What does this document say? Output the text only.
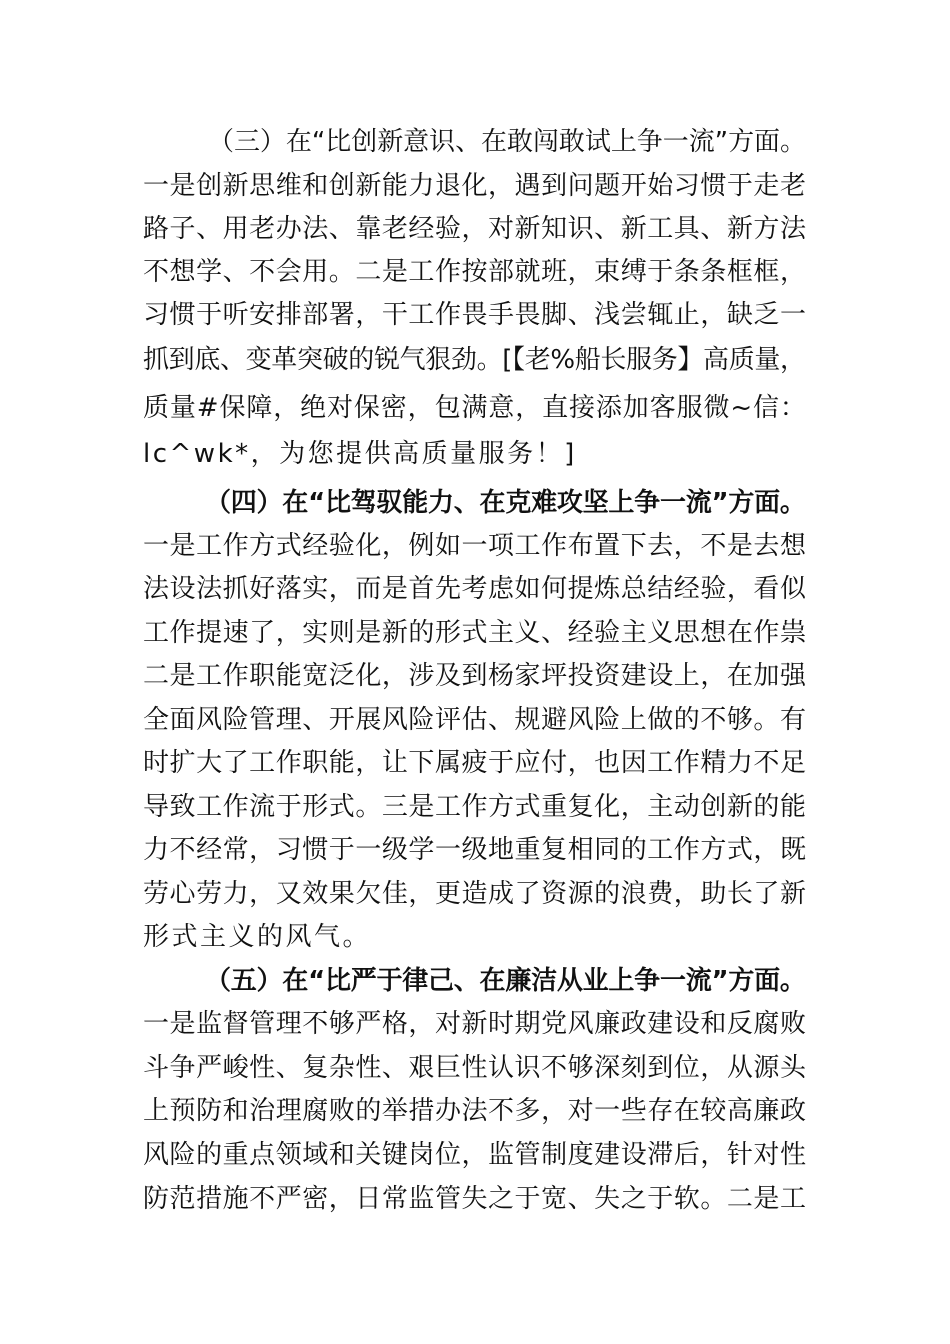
（三）在“比创新意识、在敢闯敢试上争一流”方面。
一是创新思维和创新能力退化，遇到问题开始习惯于走老
路子、用老办法、靠老经验，对新知识、新工具、新方法
不想学、不会用。二是工作按部就班，束缚于条条框框，
习惯于听安排部署，干工作畏手畏脚、浅尝辄止，缺乏一
抓到底、变革突破的锐气狠劲。[【老%船长服务】高质量，
质量#保障，绝对保密，包满意，直接添加客服微~信：
lc^wk*，为您提供高质量服务！]
（四）在“比驾驭能力、在克难攻坚上争一流”方面。
一是工作方式经验化，例如一项工作布置下去，不是去想
法设法抓好落实，而是首先考虑如何提炼总结经验，看似
工作提速了，实则是新的形式主义、经验主义思想在作祟
二是工作职能宽泛化，涉及到杨家坪投资建设上，在加强
全面风险管理、开展风险评估、规避风险上做的不够。有
时扩大了工作职能，让下属疲于应付，也因工作精力不足
导致工作流于形式。三是工作方式重复化，主动创新的能
力不经常，习惯于一级学一级地重复相同的工作方式，既
劳心劳力，又效果欠佳，更造成了资源的浪费，助长了新
形式主义的风气。
（五）在“比严于律己、在廉洁从业上争一流”方面。
一是监督管理不够严格，对新时期党风廉政建设和反腐败
斗争严峻性、复杂性、艰巨性认识不够深刻到位，从源头
上预防和治理腐败的举措办法不多，对一些存在较高廉政
风险的重点领域和关键岗位，监管制度建设滞后，针对性
防范措施不严密，日常监管失之于宽、失之于软。二是工
